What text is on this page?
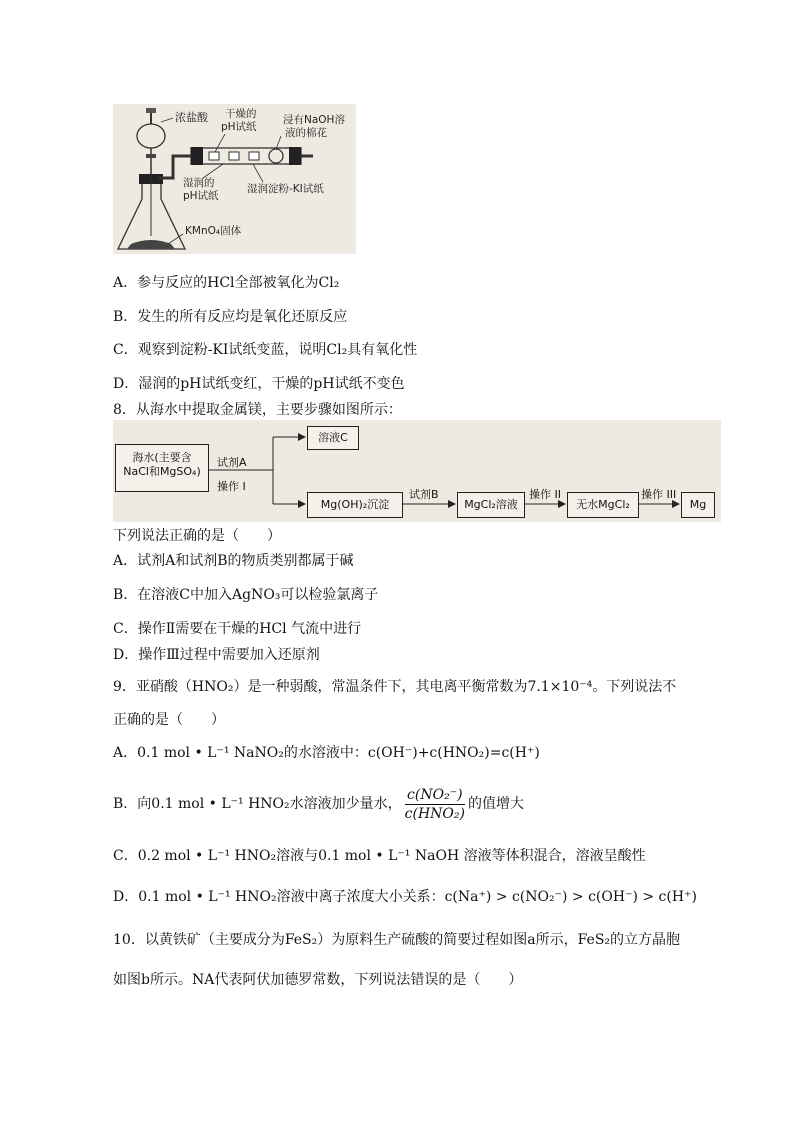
浓盐酸 干燥的
pH试纸
浸有NaOH溶
液的棉花
湿润的
pH试纸
湿润淀粉-KI试纸
KMnO₄固体
A．参与反应的HCl全部被氧化为Cl₂
B．发生的所有反应均是氧化还原反应
C．观察到淀粉-KI试纸变蓝，说明Cl₂具有氧化性
D．湿润的pH试纸变红，干燥的pH试纸不变色
8．从海水中提取金属镁，主要步骤如图所示：
海水(主要含
NaCl和MgSO₄)
试剂A
操作 I
溶液C
Mg(OH)₂沉淀
试剂B
MgCl₂溶液
操作 II
无水MgCl₂
操作 III
Mg
下列说法正确的是（　　）
A．试剂A和试剂B的物质类别都属于碱
B．在溶液C中加入AgNO₃可以检验氯离子
C．操作Ⅱ需要在干燥的HCl 气流中进行
D．操作Ⅲ过程中需要加入还原剂
9．亚硝酸（HNO₂）是一种弱酸，常温条件下，其电离平衡常数为7.1×10⁻⁴。下列说法不
正确的是（　　）
A．0.1 mol • L⁻¹ NaNO₂的水溶液中：c(OH⁻)+c(HNO₂)=c(H⁺)
B．向0.1 mol • L⁻¹ HNO₂水溶液加少量水， $\frac{\text{c(NO₂⁻)}}{\text{c(HNO₂)}}$ 的值增大
C．0.2 mol • L⁻¹ HNO₂溶液与0.1 mol • L⁻¹ NaOH 溶液等体积混合，溶液呈酸性
D．0.1 mol • L⁻¹ HNO₂溶液中离子浓度大小关系：c(Na⁺) > c(NO₂⁻) > c(OH⁻) > c(H⁺)
10．以黄铁矿（主要成分为FeS₂）为原料生产硫酸的简要过程如图a所示，FeS₂的立方晶胞
如图b所示。NA代表阿伏加德罗常数，下列说法错误的是（　　）
